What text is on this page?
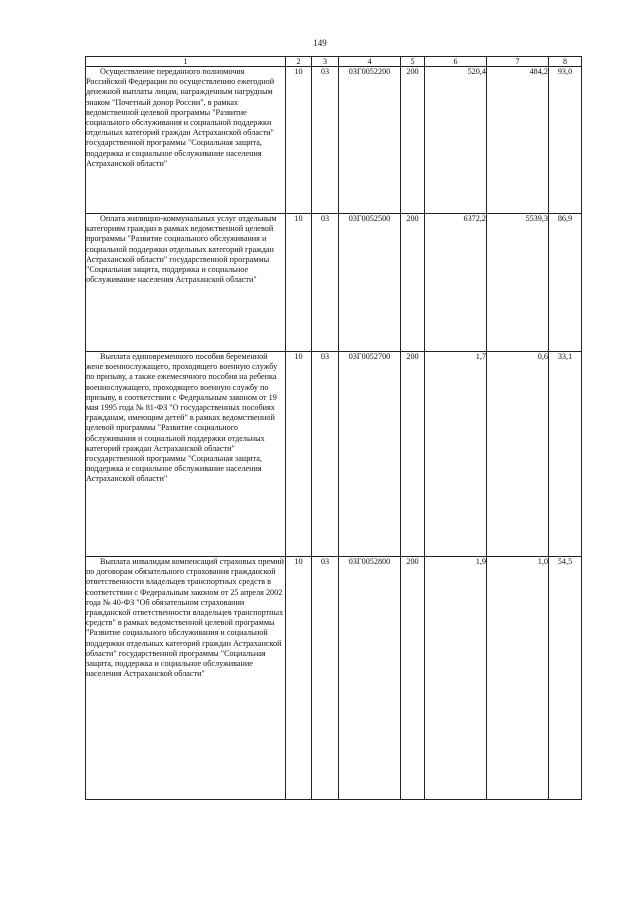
149
1	2	3	4	5	6	7	8

Осуществление переданного полномочия Российской Федерации по осуществлению ежегодной денежной выплаты лицам, награжденным нагрудным знаком "Почетный донор России", в рамках ведомственной целевой программы "Развитие социального обслуживания и социальной поддержки отдельных категорий граждан Астраханской области" государственной программы "Социальная защита, поддержка и социальное обслуживание населения Астраханской области"	10	03	03Г0052200	200	520,4	484,2	93,0

Оплата жилищно-коммунальных услуг отдельным категориям граждан в рамках ведомственной целевой программы "Развитие социального обслуживания и социальной поддержки отдельных категорий граждан Астраханской области" государственной программы "Социальная защита, поддержка и социальное обслуживание населения Астраханской области"	10	03	03Г0052500	200	6372,2	5539,3	86,9

Выплата единовременного пособия беременной жене военнослужащего, проходящего военную службу по призыву, а также ежемесячного пособия на ребенка военнослужащего, проходящего военную службу по призыву, в соответствии с Федеральным законом от 19 мая 1995 года № 81-ФЗ "О государственных пособиях гражданам, имеющим детей" в рамках ведомственной целевой программы "Развитие социального обслуживания и социальной поддержки отдельных категорий граждан Астраханской области" государственной программы "Социальная защита, поддержка и социальное обслуживание населения Астраханской области"	10	03	03Г0052700	200	1,7	0,6	33,1

Выплата инвалидам компенсаций страховых премий по договорам обязательного страхования гражданской ответственности владельцев транспортных средств в соответствии с Федеральным законом от 25 апреля 2002 года № 40-ФЗ "Об обязательном страховании гражданской ответственности владельцев транспортных средств" в рамках ведомственной целевой программы "Развитие социального обслуживания и социальной поддержки отдельных категорий граждан Астраханской области" государственной программы "Социальная защита, поддержка и социальное обслуживание населения Астраханской области"	10	03	03Г0052800	200	1,9	1,0	54,5
